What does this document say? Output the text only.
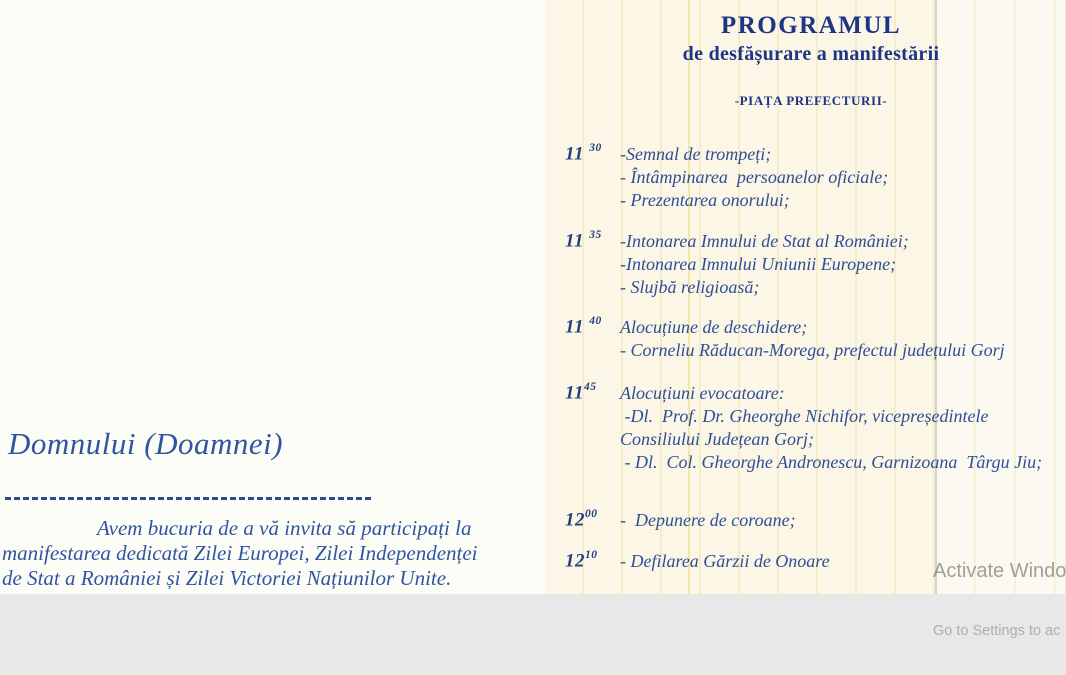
PROGRAMUL
de desfășurare a manifestării
-PIAȚA PREFECTURII-
11 $^{30}$	-Semnal de trompeți;
- Întâmpinarea  persoanelor oficiale;
- Prezentarea onorului;
11 $^{35}$	-Intonarea Imnului de Stat al României;
-Intonarea Imnului Uniunii Europene;
- Slujbă religioasă;
11 $^{40}$	Alocuțiune de deschidere;
- Corneliu Răducan-Morega, prefectul județului Gorj
$11^{45}$	Alocuțiuni evocatoare:
-Dl.  Prof. Dr. Gheorghe Nichifor, vicepreședintele
Consiliului Județean Gorj;
- Dl.  Col. Gheorghe Andronescu, Garnizoana  Târgu Jiu;
$12^{00}$	-  Depunere de coroane;
$12^{10}$	- Defilarea Gărzii de Onoare
Domnului (Doamnei)
Avem bucuria de a vă invita să participați la
manifestarea dedicată Zilei Europei, Zilei Independenței
de Stat a României și Zilei Victoriei Națiunilor Unite.

	Activate Windo

Go to Settings to ac
